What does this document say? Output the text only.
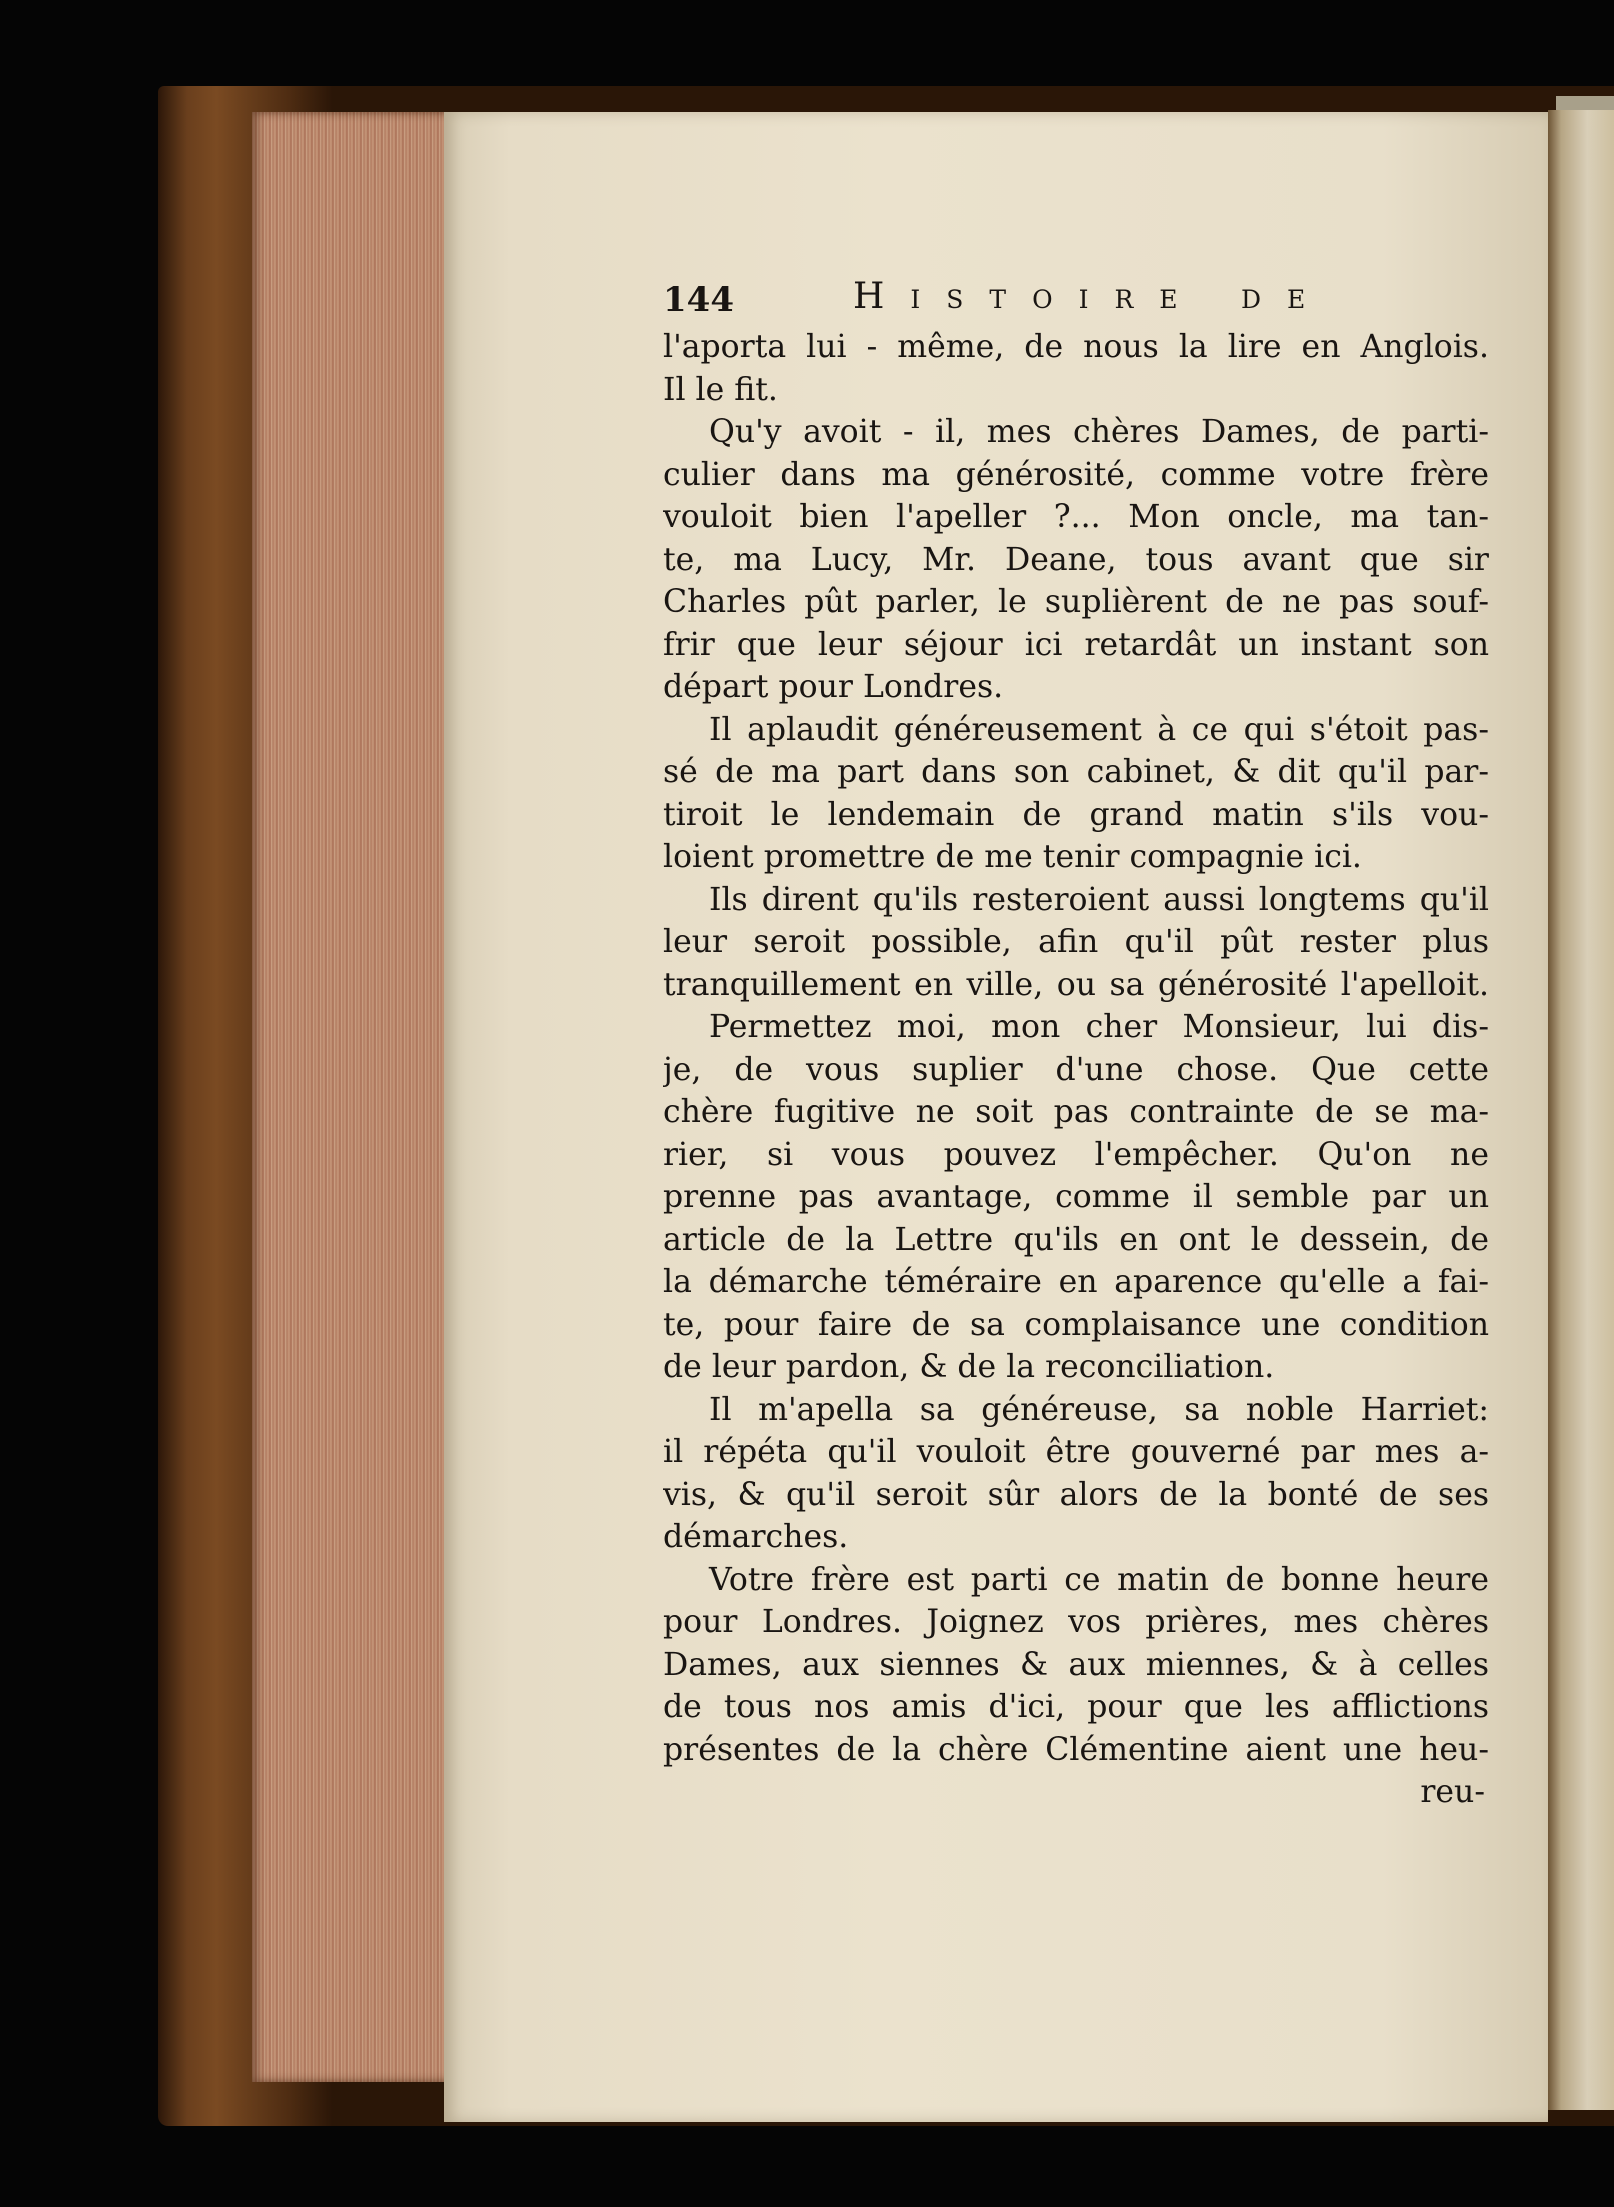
144	Histoire de
l'aporta lui - même, de nous la lire en Anglois.
Il le fit.
Qu'y avoit - il, mes chères Dames, de parti-
culier dans ma générosité, comme votre frère
vouloit bien l'apeller ?... Mon oncle, ma tan-
te, ma Lucy, Mr. Deane, tous avant que sir
Charles pût parler, le suplièrent de ne pas souf-
frir que leur séjour ici retardât un instant son
départ pour Londres.
Il aplaudit généreusement à ce qui s'étoit pas-
sé de ma part dans son cabinet, & dit qu'il par-
tiroit le lendemain de grand matin s'ils vou-
loient promettre de me tenir compagnie ici.
Ils dirent qu'ils resteroient aussi longtems qu'il
leur seroit possible, afin qu'il pût rester plus
tranquillement en ville, ou sa générosité l'apelloit.
Permettez moi, mon cher Monsieur, lui dis-
je, de vous suplier d'une chose. Que cette
chère fugitive ne soit pas contrainte de se ma-
rier, si vous pouvez l'empêcher. Qu'on ne
prenne pas avantage, comme il semble par un
article de la Lettre qu'ils en ont le dessein, de
la démarche téméraire en aparence qu'elle a fai-
te, pour faire de sa complaisance une condition
de leur pardon, & de la reconciliation.
Il m'apella sa généreuse, sa noble Harriet:
il répéta qu'il vouloit être gouverné par mes a-
vis, & qu'il seroit sûr alors de la bonté de ses
démarches.
Votre frère est parti ce matin de bonne heure
pour Londres. Joignez vos prières, mes chères
Dames, aux siennes & aux miennes, & à celles
de tous nos amis d'ici, pour que les afflictions
présentes de la chère Clémentine aient une heu-
reu-
